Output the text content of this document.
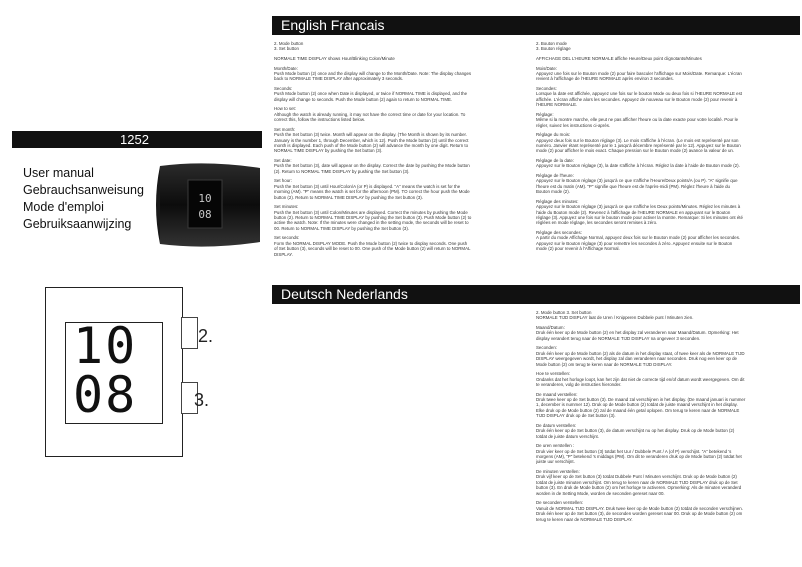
1252
User manual
Gebrauchsanweisung
Mode d'emploi
Gebruiksaanwijzing
10
08
10
08
2.
3.
English Francais

2. Mode button
3. Set button

NORMALE TIME DISPLAY shows Hour/Blinking Colon/Minute

Month/Date:
Push Mode button (2) once and the display will change to the Month/Date. Note: The display changes back to NORMALE TIME DISPLAY after approximately 3 seconds.

Seconds:
Push Mode button (2) once when Date is displayed, or twice if NORMAL TIME is displayed, and the display will change to seconds. Push the Mode button (2) again to return to NORMAL TIME.

How to set:
Although the watch is already running, it may not have the correct time or date for your location. To correct this, follow the instructions listed below.

Set month:
Push the Set button (3) twice. Month will appear on the display. (The Month is shown by its number. January is the number 1, through December, which is 12). Push the Mode button (2) until the correct month is displayed. Each push of the Mode button (2) will advance the month by one digit. Return to NORMAL TIME DISPLAY by pushing the Set button (3).

Set date:
Push the Set button (3), date will appear on the display. Correct the date by pushing the Mode button (2). Return to NORMAL TIME DISPLAY by pushing the Set button (3).

Set hour:
Push the Set button (3) until Hour/Colon/A (or P) is displayed. "A" means the watch is set for the morning (AM). "P" means the watch is set for the afternoon (PM). TO correct the hour push the Mode button (2). Return to NORMAL TIME DISPLAY by pushing the Set button (3).

Set minutes:
Push the Set button (3) until Colon/Minutes are displayed. Correct the minutes by pushing the Mode button (2). Return to NORMAL TIME DISPLAY by pushing the Set button (3). Push Mode button (2) to active the watch. Note: If the minutes were changed in the setting mode, the seconds will be reset to 00. Return to NORMAL TIME DISPLAY by pushing the Set button (3).

Set seconds:
Form the NORMAL DISPLAY MODE. Push the Mode button (2) twice to display seconds. One push of Set button (3), seconds will be reset to 00. One push of the Mode button (2) will return to NORMAL DISPLAY.

2. Bouton mode
3. Bouton réglage

AFFICHAGE DEL L'HEURE NORMALE affiche Heure/Deux point clignotants/Minutes

Mois/Date:
Appuyez une fois sur le Bouton mode (2) pour faire basculer l'affichage sur Mois/Date. Remarque: L'écran revient à l'affichage de l'HEURE NORMALE après environ 3 secondes.

Secondes:
Lorsque la date est affichée, appuyez une fois sur le bouton Mode ou deux fois si l'HEURE NORMALE est affichée. L'écran affiche alors les secondes. Appuyez de nouveau sur le Bouton mode (2) pour revenir à l'HEURE NORMALE.

Réglage:
Même si la montre marche, elle peut ne pas afficher l'heure ou la date exacte pour votre localité. Pour le régler, suivez les instructions ci-après.

Réglage du mois:
Appuyez deux fois sur le Bouton réglage (3). Le mois s'affiche à l'écran. (Le mois est représenté par son numéro. Janvier étant représenté par le 1 jusqu'à décembre représenté par le 12). Appuyez sur le Bouton mode (2) pour afficher le mois exact. Chaque pression sur le Bouton mode (2) avance la valeur de un.

Réglage de la date:
Appuyez sur le Bouton réglage (3), la date s'affiche à l'écran. Réglez la date à l'aide de Bouton mode (2).

Réglage de l'heure:
Appuyez sur le Bouton réglage (3) jusqu'à ce que s'affiche l'Heure/Deux points/A (ou P). "A" signifie que l'heure est du matin (AM). "P" signifie que l'heure est de l'après-midi (PM). Réglez l'heure à l'aide du Bouton mode (2).

Réglage des minutes:
Appuyez sur le Bouton réglage (3) jusqu'à ce que s'affiche les Deux points/Minutes. Réglez les minutes à l'aide du Bouton mode (2). Revenez à l'affichage de l'HEURE NORMALE en appuyant sur le Bouton réglage (3). Appuyez une fois sur le bouton mode pour activer la montre. Remarque: Si les minutes ont été réglées en mode réglage, les secondes seront remises à zéro.

Réglage des secondes:
A partir du mode Affichage Normal, appuyez deux fois sur le Bouton mode (2) pour afficher les secondes. Appuyez sur le Bouton réglage (3) pour remettre les secondes à zéro. Appuyez ensuite sur le Bouton mode (2) pour revenir à l'Affichage Normal.

Deutsch Nederlands

2. Mode button 3. Set button
NORMALE TIJD DISPLAY laat de Uren / Knipperen Dubbele punt / Minuten zien.

Maand/Datum:
Druk één keer op de Mode button (2) en het display zal veranderen naar Maand/Datum. Opmerking: Het display verandert terug naar de NORMALE TIJD DISPLAY na ongeveer 3 seconden.

Seconden:
Druk één keer op de Mode button (2) als de datum in het display staat, of twee keer als de NORMALE TIJD DISPLAY weergegeven wordt, het display zal dan veranderen naar seconden. Druk nog een keer op de Mode button (2) om terug te keren naar de NORMALE TIJD DISPLAY.

Hoe te verstellen:
Ondanks dat het horloge loopt, kan het zijn dat niet de correcte tijd en/of datum wordt weergegeven. Om dit te veranderen, volg de instructies hieronder.

De maand verstellen:
Druk twee keer op de Set button (3). De maand zal verschijnen in het display. (De maand januari is nummer 1, december is nummer 12). Druk op de Mode button (2) totdat de juiste maand verschijnt in het display. Elke druk op de Mode button (2) zal de maand één getal oplopen. Om terug te keren naar de NORMALE TIJD DISPLAY druk op de Set button (3).

De datum verstellen:
Druk één keer op de Set button (3), de datum verschijnt nu op het display. Druk op de Mode button (2) totdat de juiste datum verschijnt.

De uren verstellen :
Druk vier keer op de Set button (3) totdat het Uur / Dubbele Punt / A (of P) verschijnt. "A" betekend 's morgens (AM), "P" betekend 's middags (PM). Om dit te veranderen druk op de Mode button (2) totdat het juiste uur verschijnt.

De minuten verstellen:
Druk vijf keer op de Set button (3) totdat Dubbele Punt / Minuten verschijnt. Druk op de Mode button (2) totdat de juiste minuten verschijnt. Om terug te keren naar de NORMALE TIJD DISPLAY druk op de Set button (3). En druk de Mode button (2) om het horloge te activeren. Opmerking: Als de minuten veranderd worden in de Setting Mode, worden de seconden gereset naar 00.

De seconden verstellen:
Vanuit de NORMAL TIJD DISPLAY. Druk twee keer op de Mode button (2) totdat de seconden verschijnen. Druk één keer op de Set button (3), de seconden worden gereset naar 00. Druk op de Mode button (2) om terug te keren naar de NORMALE TIJD DISPLAY.
